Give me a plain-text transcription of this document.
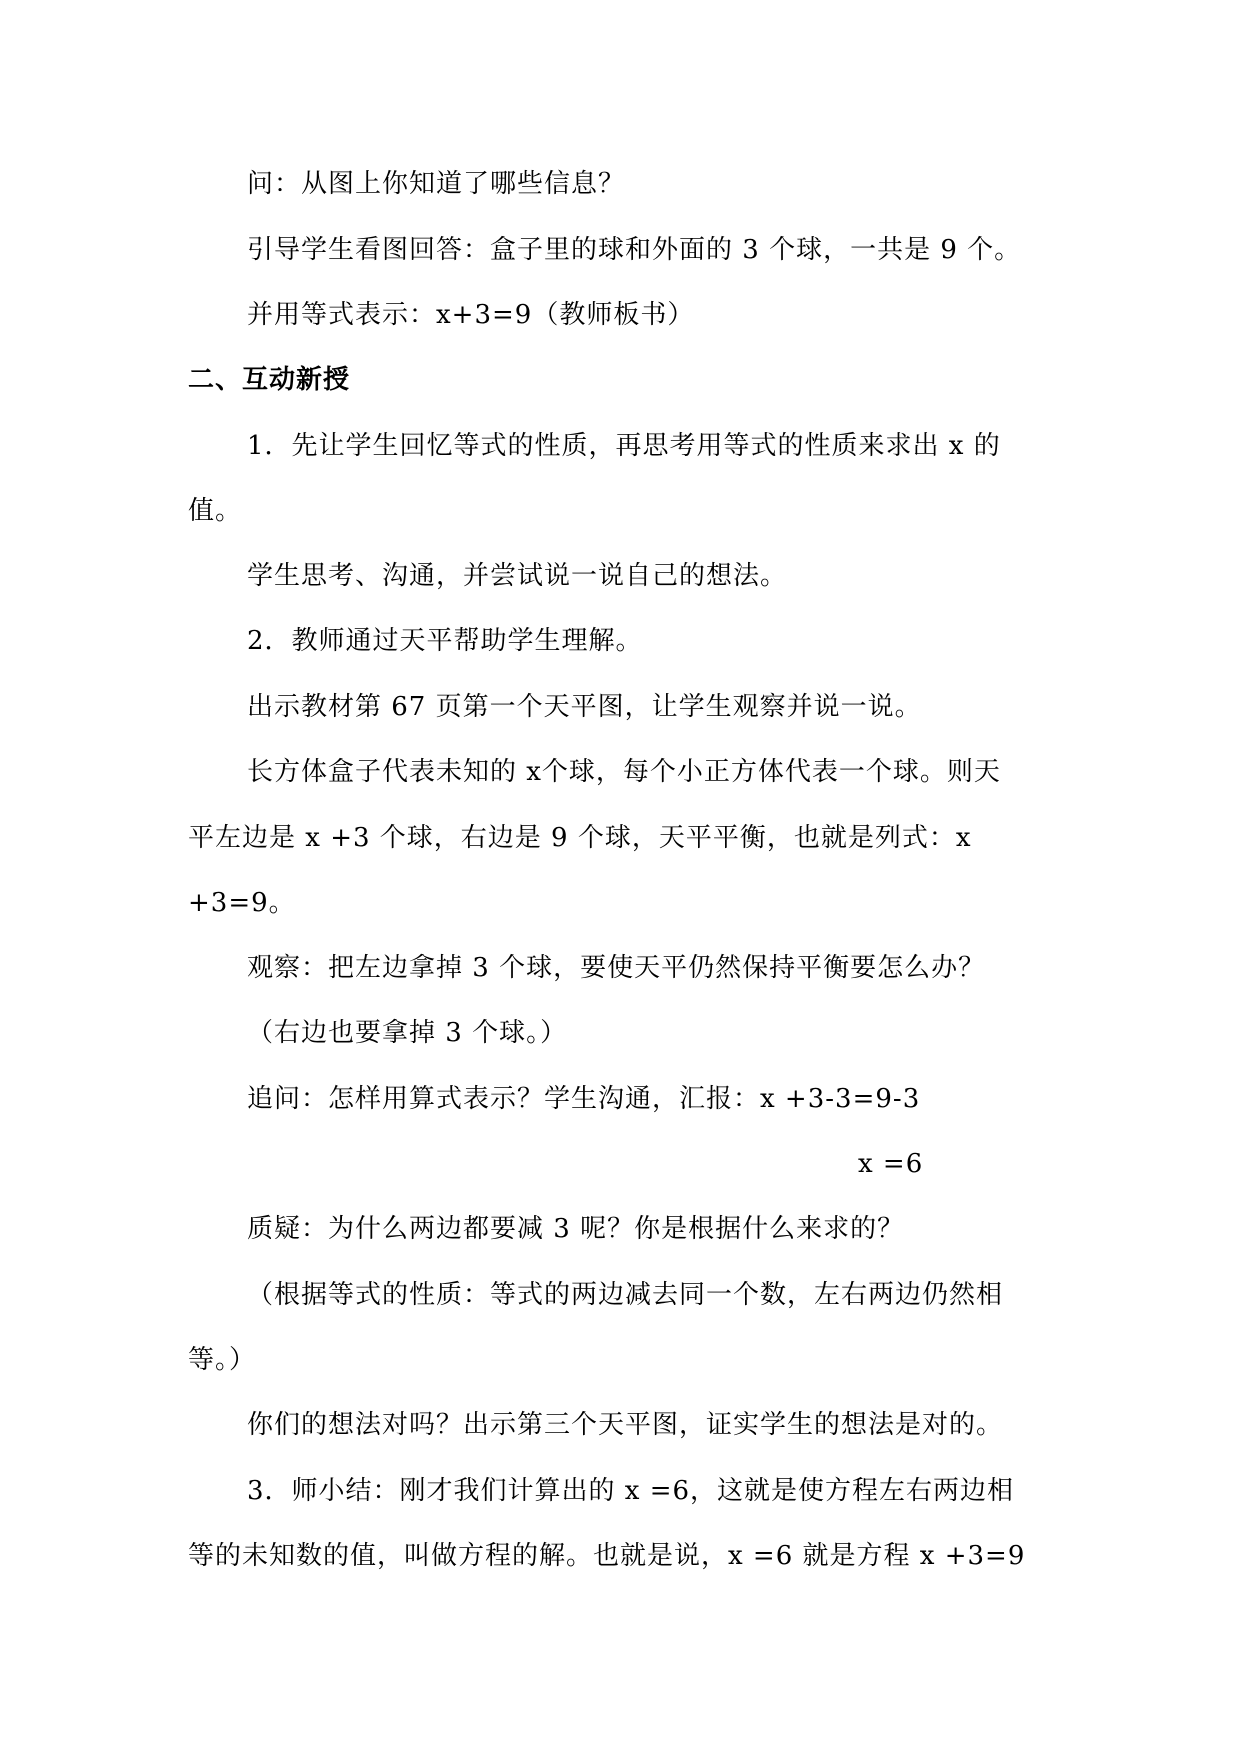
问：从图上你知道了哪些信息？
引导学生看图回答：盒子里的球和外面的 3 个球，一共是 9 个。
并用等式表示：x+3=9（教师板书）
二、互动新授
1．先让学生回忆等式的性质，再思考用等式的性质来求出 x 的
值。
学生思考、沟通，并尝试说一说自己的想法。
2．教师通过天平帮助学生理解。
出示教材第 67 页第一个天平图，让学生观察并说一说。
长方体盒子代表未知的 x个球，每个小正方体代表一个球。则天
平左边是 x +3 个球，右边是 9 个球，天平平衡，也就是列式：x
+3=9。
观察：把左边拿掉 3 个球，要使天平仍然保持平衡要怎么办？
（右边也要拿掉 3 个球。）
追问：怎样用算式表示？学生沟通，汇报：x +3-3=9-3
x =6
质疑：为什么两边都要减 3 呢？你是根据什么来求的？
（根据等式的性质：等式的两边减去同一个数，左右两边仍然相
等。）
你们的想法对吗？出示第三个天平图，证实学生的想法是对的。
3．师小结：刚才我们计算出的 x =6，这就是使方程左右两边相
等的未知数的值，叫做方程的解。也就是说，x =6 就是方程 x +3=9
